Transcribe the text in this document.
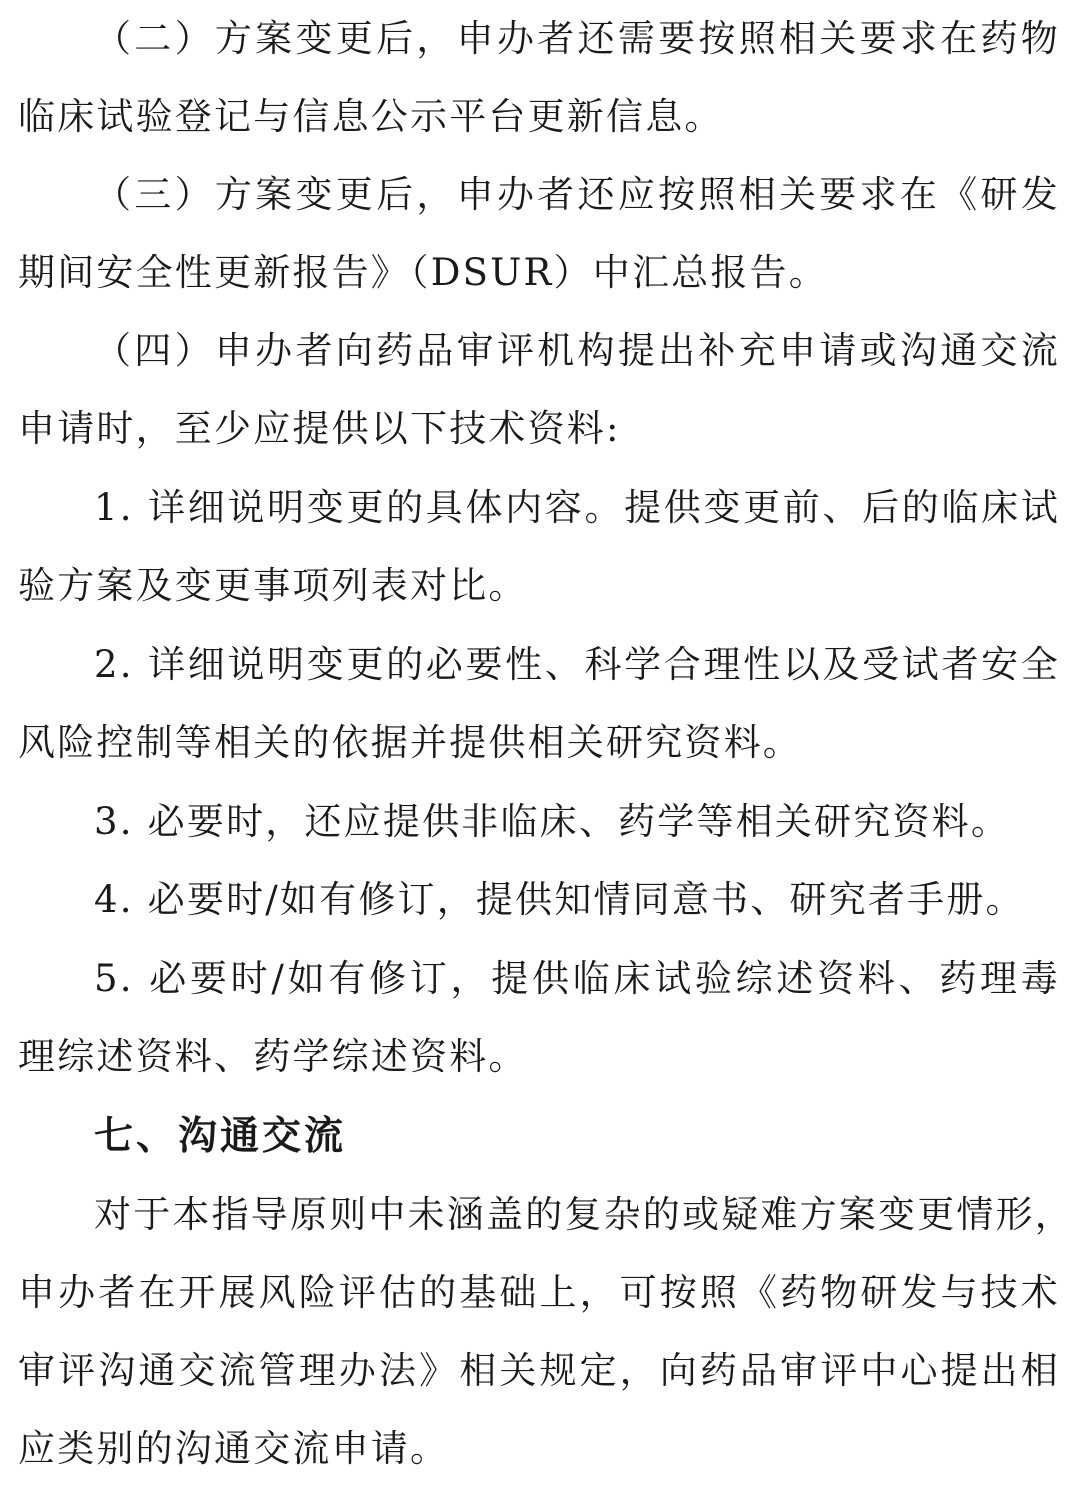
（二）方案变更后，申办者还需要按照相关要求在药物
临床试验登记与信息公示平台更新信息。
（三）方案变更后，申办者还应按照相关要求在《研发
期间安全性更新报告》（DSUR）中汇总报告。
（四）申办者向药品审评机构提出补充申请或沟通交流
申请时，至少应提供以下技术资料:
1. 详细说明变更的具体内容。提供变更前、后的临床试
验方案及变更事项列表对比。
2. 详细说明变更的必要性、科学合理性以及受试者安全
风险控制等相关的依据并提供相关研究资料。
3. 必要时，还应提供非临床、药学等相关研究资料。
4. 必要时/如有修订，提供知情同意书、研究者手册。
5. 必要时/如有修订，提供临床试验综述资料、药理毒
理综述资料、药学综述资料。
七、沟通交流
对于本指导原则中未涵盖的复杂的或疑难方案变更情形，
申办者在开展风险评估的基础上，可按照《药物研发与技术
审评沟通交流管理办法》相关规定，向药品审评中心提出相
应类别的沟通交流申请。
